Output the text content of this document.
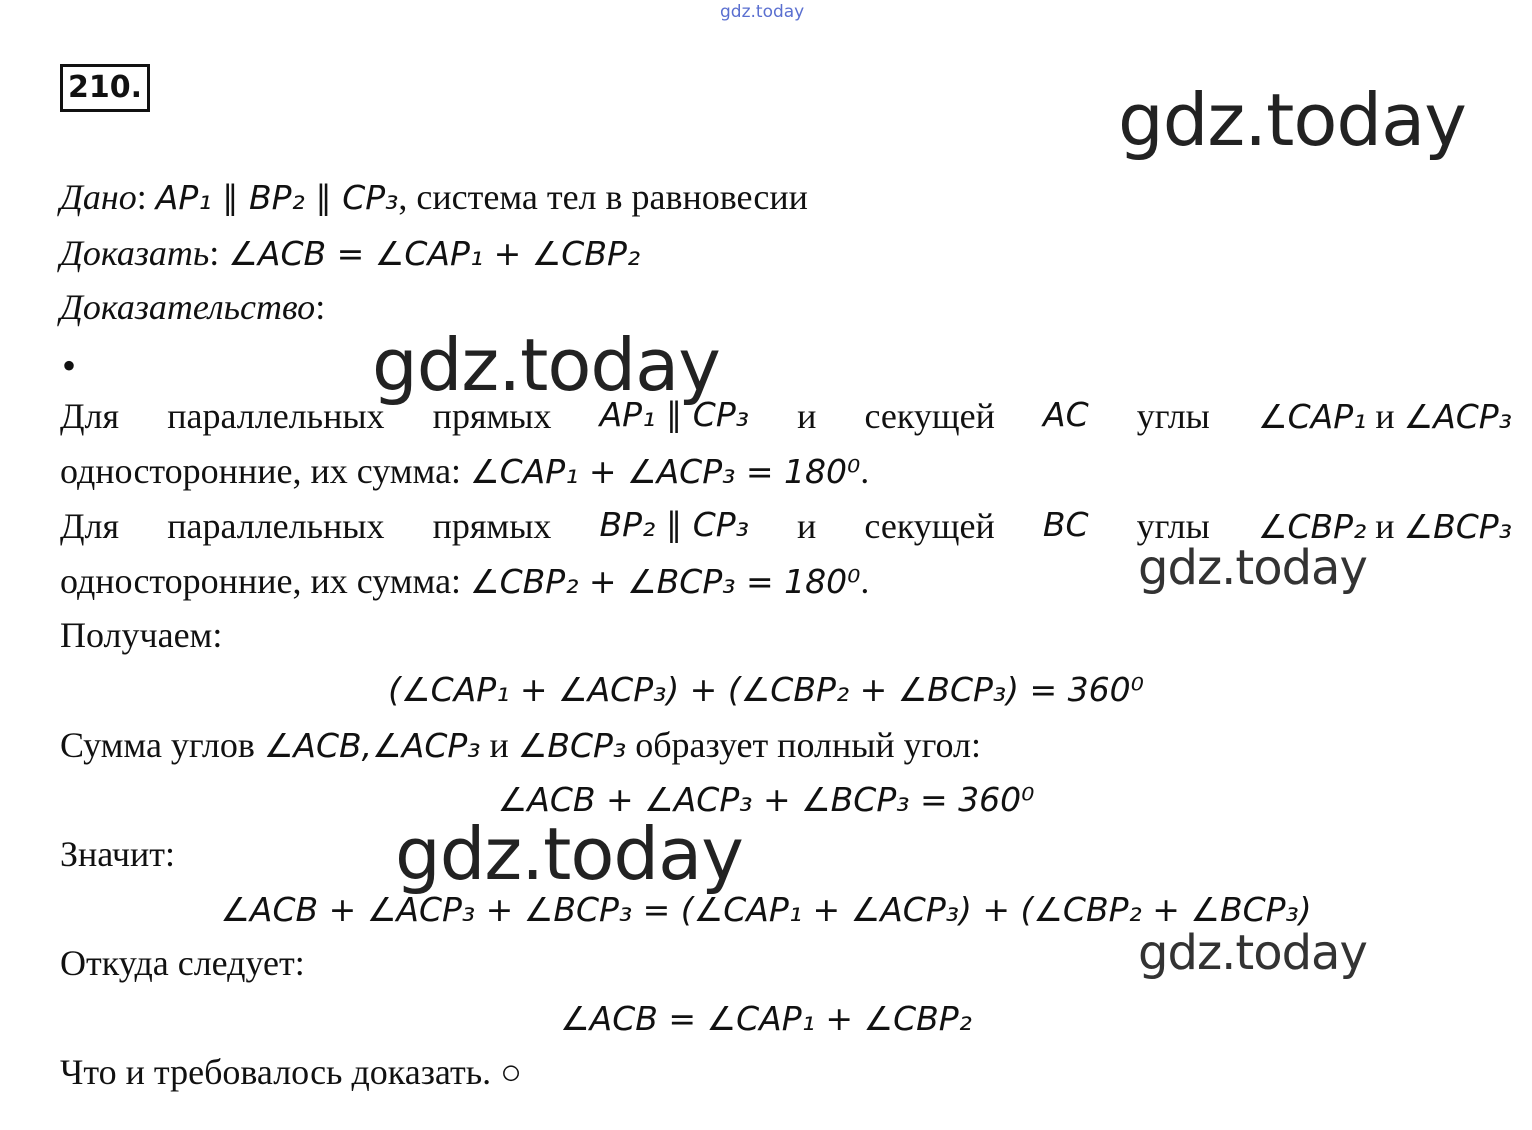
gdz.today
gdz.today
gdz.today
gdz.today
gdz.today
gdz.today
210.
Дано: AP₁ ∥ BP₂ ∥ CP₃, система тел в равновесии
Доказать: ∠ACB = ∠CAP₁ + ∠CBP₂
Доказательство:
•
Для параллельных прямых AP₁ ∥ CP₃ и секущей AC углы ∠CAP₁ и ∠ACP₃
односторонние, их сумма: ∠CAP₁ + ∠ACP₃ = 180⁰.
Для параллельных прямых BP₂ ∥ CP₃ и секущей BC углы ∠CBP₂ и ∠BCP₃
односторонние, их сумма: ∠CBP₂ + ∠BCP₃ = 180⁰.
Получаем:
(∠CAP₁ + ∠ACP₃) + (∠CBP₂ + ∠BCP₃) = 360⁰
Сумма углов ∠ACB,∠ACP₃ и ∠BCP₃ образует полный угол:
∠ACB + ∠ACP₃ + ∠BCP₃ = 360⁰
Значит:
∠ACB + ∠ACP₃ + ∠BCP₃ = (∠CAP₁ + ∠ACP₃) + (∠CBP₂ + ∠BCP₃)
Откуда следует:
∠ACB = ∠CAP₁ + ∠CBP₂
Что и требовалось доказать. ○
